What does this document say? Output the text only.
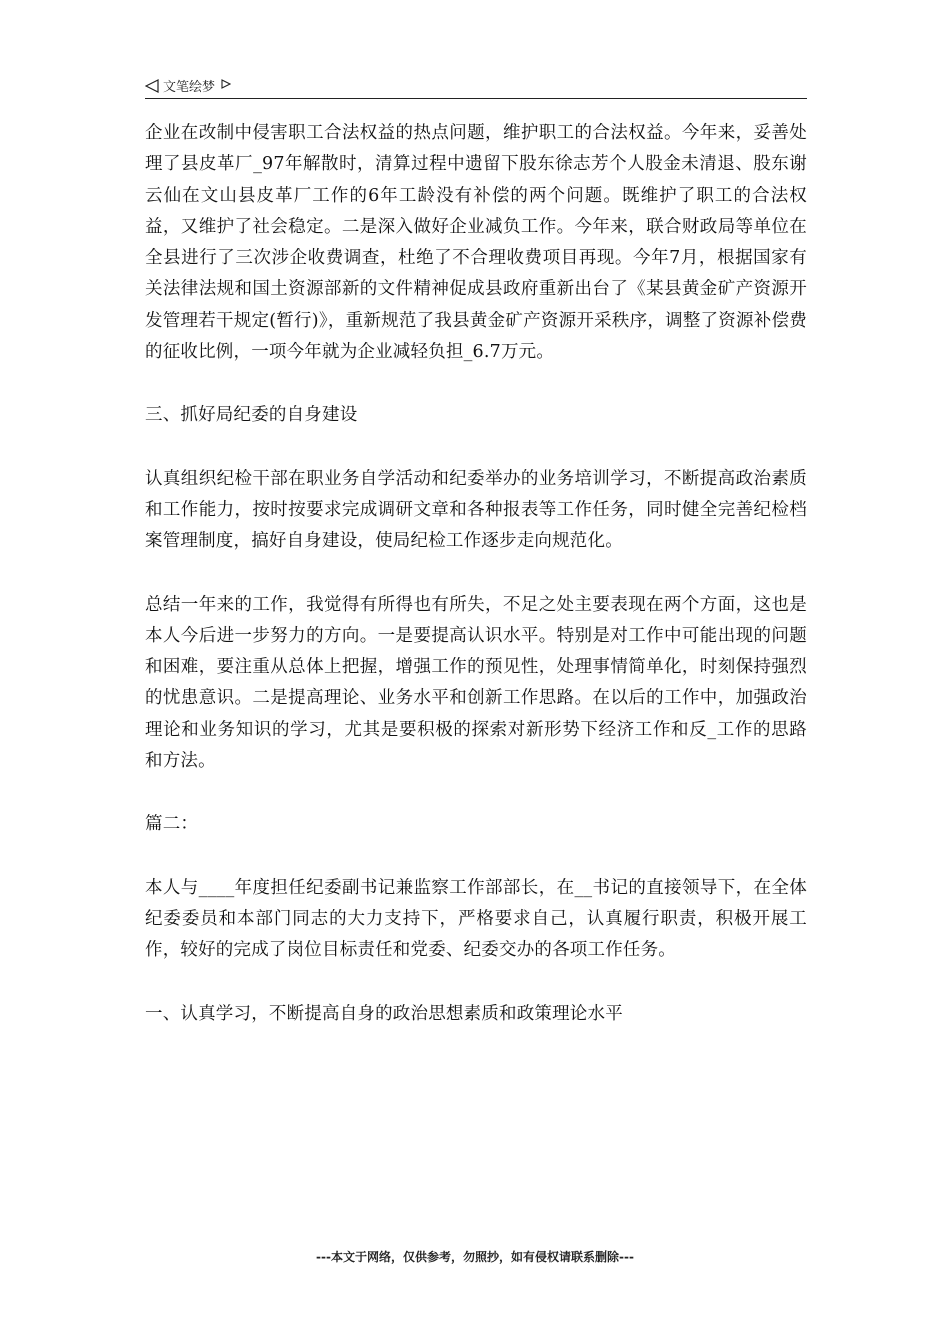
文笔绘梦

企业在改制中侵害职工合法权益的热点问题，维护职工的合法权益。今年来，妥善处理了县皮革厂_97年解散时，清算过程中遗留下股东徐志芳个人股金未清退、股东谢云仙在文山县皮革厂工作的6年工龄没有补偿的两个问题。既维护了职工的合法权益，又维护了社会稳定。二是深入做好企业减负工作。今年来，联合财政局等单位在全县进行了三次涉企收费调查，杜绝了不合理收费项目再现。今年7月，根据国家有关法律法规和国土资源部新的文件精神促成县政府重新出台了《某县黄金矿产资源开发管理若干规定(暂行)》，重新规范了我县黄金矿产资源开采秩序，调整了资源补偿费的征收比例，一项今年就为企业减轻负担_6.7万元。

三、抓好局纪委的自身建设

认真组织纪检干部在职业务自学活动和纪委举办的业务培训学习，不断提高政治素质和工作能力，按时按要求完成调研文章和各种报表等工作任务，同时健全完善纪检档案管理制度，搞好自身建设，使局纪检工作逐步走向规范化。

总结一年来的工作，我觉得有所得也有所失，不足之处主要表现在两个方面，这也是本人今后进一步努力的方向。一是要提高认识水平。特别是对工作中可能出现的问题和困难，要注重从总体上把握，增强工作的预见性，处理事情简单化，时刻保持强烈的忧患意识。二是提高理论、业务水平和创新工作思路。在以后的工作中，加强政治理论和业务知识的学习，尤其是要积极的探索对新形势下经济工作和反_工作的思路和方法。

篇二：

本人与____年度担任纪委副书记兼监察工作部部长，在__书记的直接领导下，在全体纪委委员和本部门同志的大力支持下，严格要求自己，认真履行职责，积极开展工作，较好的完成了岗位目标责任和党委、纪委交办的各项工作任务。

一、认真学习，不断提高自身的政治思想素质和政策理论水平

---本文于网络，仅供参考，勿照抄，如有侵权请联系删除---
